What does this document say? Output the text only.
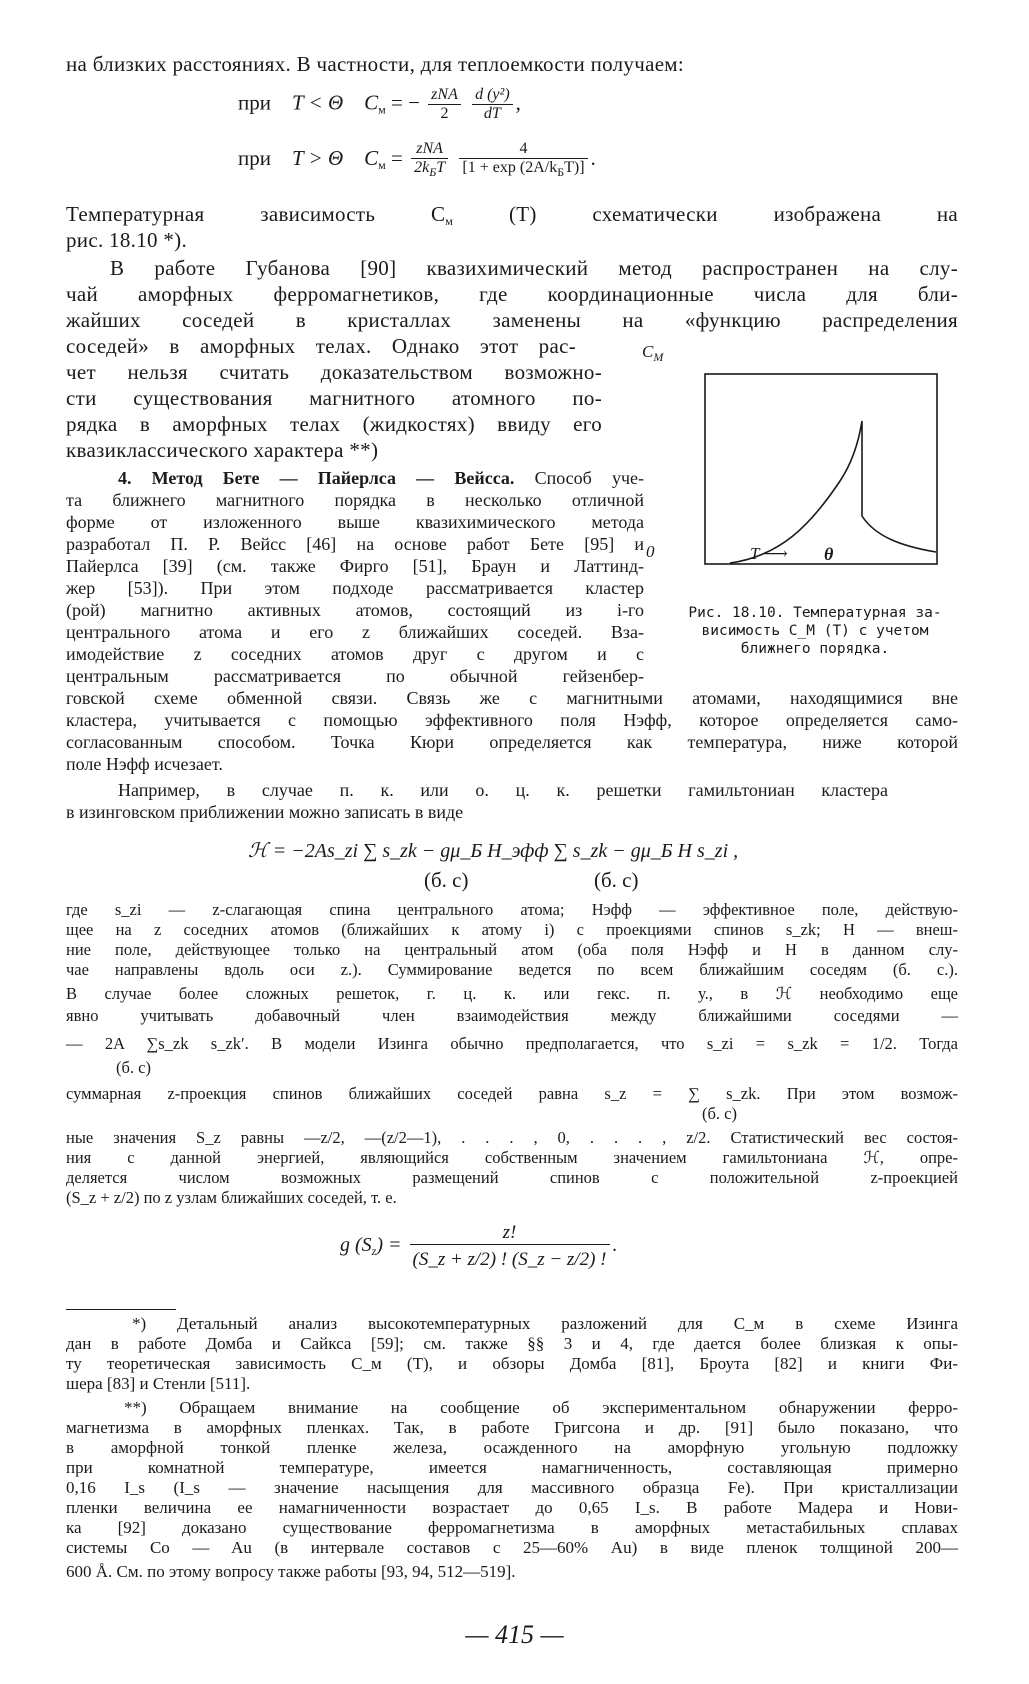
на близких расстояниях. В частности, для теплоемкости получаем:
при T < Θ $C_м$ = − $\frac{\text{zNA}}{2}$
$\frac{\text{d (y²)}}{dT}$ ,
при T > Θ $C_м = \frac{\text{zNA}}{2k_БT}$
$\frac{4}{[1 + \exp (2A/k_БT)]}$ .
Температурная зависимость $C_м$ (T) схематически изображена на
рис. 18.10 *).
В работе Губанова [90] квазихимический метод распространен на слу-
чай аморфных ферромагнетиков, где координационные числа для бли-
жайших соседей в кристаллах заменены на «функцию распределения
соседей» в аморфных телах. Однако этот рас-
чет нельзя считать доказательством возможно-
сти существования магнитного атомного по-
рядка в аморфных телах (жидкостях) ввиду его
квазиклассического характера **)
4. Метод Бете — Пайерлса — Вейсса. Способ уче-
та ближнего магнитного порядка в несколько отличной
форме от изложенного выше квазихимического метода
разработал П. Р. Вейсс [46] на основе работ Бете [95] и
Пайерлса [39] (см. также Фирго [51], Браун и Латтинд-
жер [53]). При этом подходе рассматривается кластер
(рой) магнитно активных атомов, состоящий из i-го
центрального атома и его z ближайших соседей. Вза-
имодействие z соседних атомов друг с другом и с
центральным рассматривается по обычной гейзенбер-
говской схеме обменной связи. Связь же с магнитными атомами, находящимися вне
кластера, учитывается с помощью эффективного поля Hэфф, которое определяется само-
согласованным способом. Точка Кюри определяется как температура, ниже которой
поле Hэфф исчезает.
Например, в случае п. к. или о. ц. к. решетки гамильтониан кластера
в изинговском приближении можно записать в виде
ℋ = −2As_zi ∑ s_zk − gμ_Б H_эфф ∑ s_zk − gμ_Б H s_zi ,
(б. с)	(б. с)
где s_zi — z-слагающая спина центрального атома; Hэфф — эффективное поле, действую-
щее на z соседних атомов (ближайших к атому i) с проекциями спинов s_zk; H — внеш-
ние поле, действующее только на центральный атом (оба поля Hэфф и H в данном слу-
чае направлены вдоль оси z.). Суммирование ведется по всем ближайшим соседям (б. с.).
В случае более сложных решеток, г. ц. к. или гекс. п. у., в ℋ необходимо еще
явно учитывать добавочный член взаимодействия между ближайшими соседями —
— 2A ∑s_zk s_zk′. В модели Изинга обычно предполагается, что s_zi = s_zk = 1/2. Тогда
(б. с)
суммарная z-проекция спинов ближайших соседей равна s_z = ∑ s_zk. При этом возмож-
(б. с)
ные значения S_z равны —z/2, —(z/2—1), . . . , 0, . . . , z/2. Статистический вес состоя-
ния с данной энергией, являющийся собственным значением гамильтониана ℋ, опре-
деляется числом возможных размещений спинов с положительной z-проекцией
(S_z + z/2) по z узлам ближайших соседей, т. е.
g $(S_z) = \frac{z!}{(S\_z + z/2) ! (S\_z - z/2) !}$ .
*) Детальный анализ высокотемпературных разложений для C_м в схеме Изинга
дан в работе Домба и Сайкса [59]; см. также §§ 3 и 4, где дается более близкая к опы-
ту теоретическая зависимость C_м (T), и обзоры Домба [81], Броута [82] и книги Фи-
шера [83] и Стенли [511].
**) Обращаем внимание на сообщение об экспериментальном обнаружении ферро-
магнетизма в аморфных пленках. Так, в работе Григсона и др. [91] было показано, что
в аморфной тонкой пленке железа, осажденного на аморфную угольную подложку
при комнатной температуре, имеется намагниченность, составляющая примерно
0,16 I_s (I_s — значение насыщения для массивного образца Fe). При кристаллизации
пленки величина ее намагниченности возрастает до 0,65 I_s. В работе Мадера и Нови-
ка [92] доказано существование ферромагнетизма в аморфных метастабильных сплавах
системы Co — Au (в интервале составов с 25—60% Au) в виде пленок толщиной 200—
600 Å. См. по этому вопросу также работы [93, 94, 512—519].
$C_M$
0	T ⟶ θ
Рис. 18.10. Температурная за-
висимость C_M (T) с учетом
ближнего порядка.
— 415 —
